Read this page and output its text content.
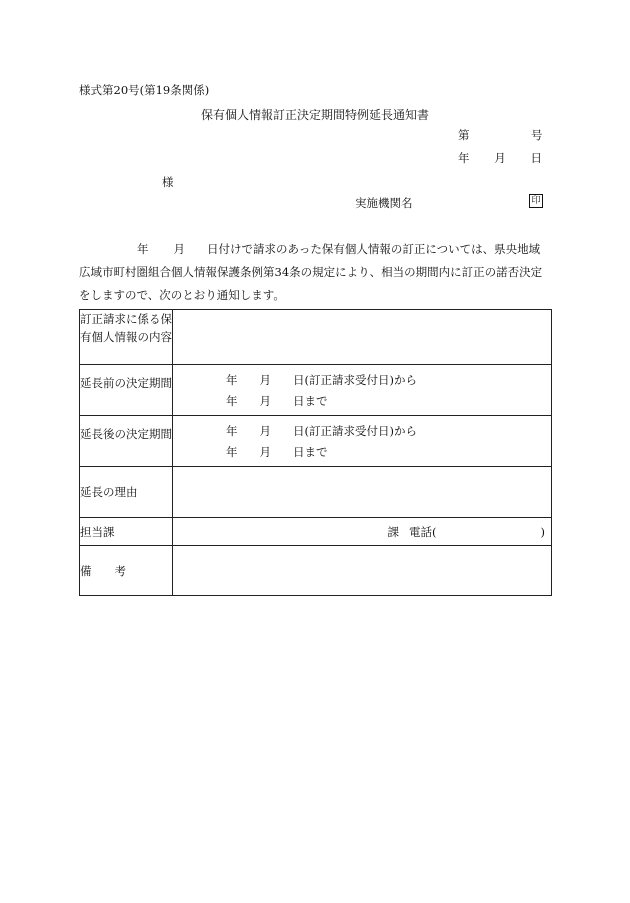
様式第20号(第19条関係)
保有個人情報訂正決定期間特例延長通知書
第	号
年 月 日
様
実施機関名	印
年 月 日付けで請求のあった保有個人情報の訂正については、県央地域
広域市町村圏組合個人情報保護条例第34条の規定により、相当の期間内に訂正の諾否決定
をしますので、次のとおり通知します。
訂正請求に係る保有個人情報の内容	
延長前の決定期間	年 月 日(訂正請求受付日)から
年 月 日まで

延長後の決定期間	年 月 日(訂正請求受付日)から
年 月 日まで

延長の理由	
担当課	課 電話( )

備　　考	
